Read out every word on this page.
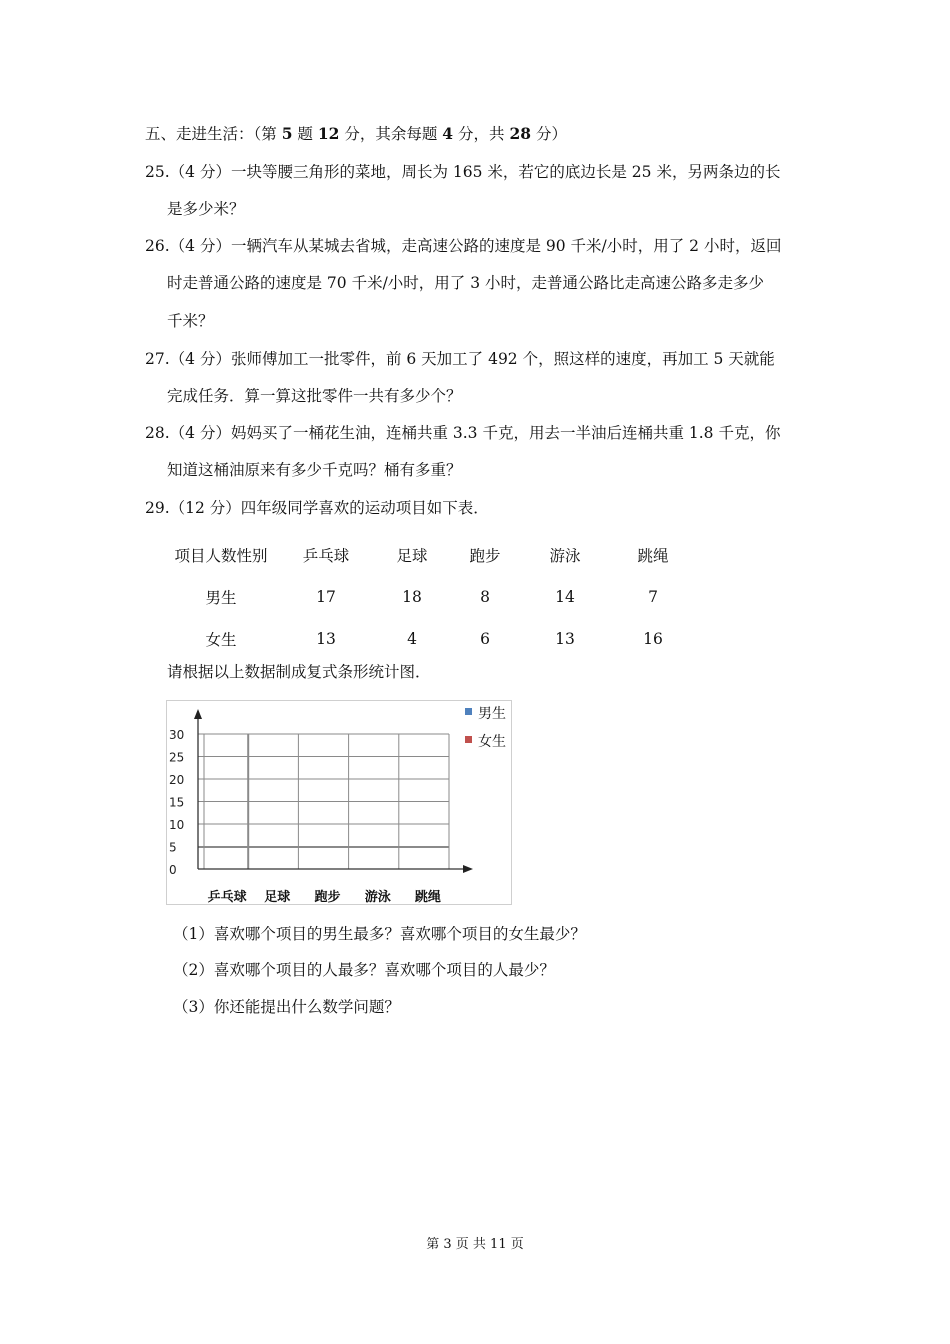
五、走进生活：（第 5 题 12 分，其余每题 4 分，共 28 分）
25.（4 分）一块等腰三角形的菜地，周长为 165 米，若它的底边长是 25 米，另两条边的长
是多少米？
26.（4 分）一辆汽车从某城去省城，走高速公路的速度是 90 千米/小时，用了 2 小时，返回
时走普通公路的速度是 70 千米/小时，用了 3 小时，走普通公路比走高速公路多走多少
千米？
27.（4 分）张师傅加工一批零件，前 6 天加工了 492 个，照这样的速度，再加工 5 天就能
完成任务．算一算这批零件一共有多少个？
28.（4 分）妈妈买了一桶花生油，连桶共重 3.3 千克，用去一半油后连桶共重 1.8 千克，你
知道这桶油原来有多少千克吗？桶有多重？
29.（12 分）四年级同学喜欢的运动项目如下表．
项目人数性别	乒乓球	足球	跑步	游泳	跳绳
男生	17	18	8	14	7
女生	13	4	6	13	16
请根据以上数据制成复式条形统计图．
0
5
10
15
20
25
30
乒乓球 足球 跑步 游泳 跳绳
男生
女生
（1）喜欢哪个项目的男生最多？喜欢哪个项目的女生最少？
（2）喜欢哪个项目的人最多？喜欢哪个项目的人最少？
（3）你还能提出什么数学问题？
第 3 页 共 11 页
